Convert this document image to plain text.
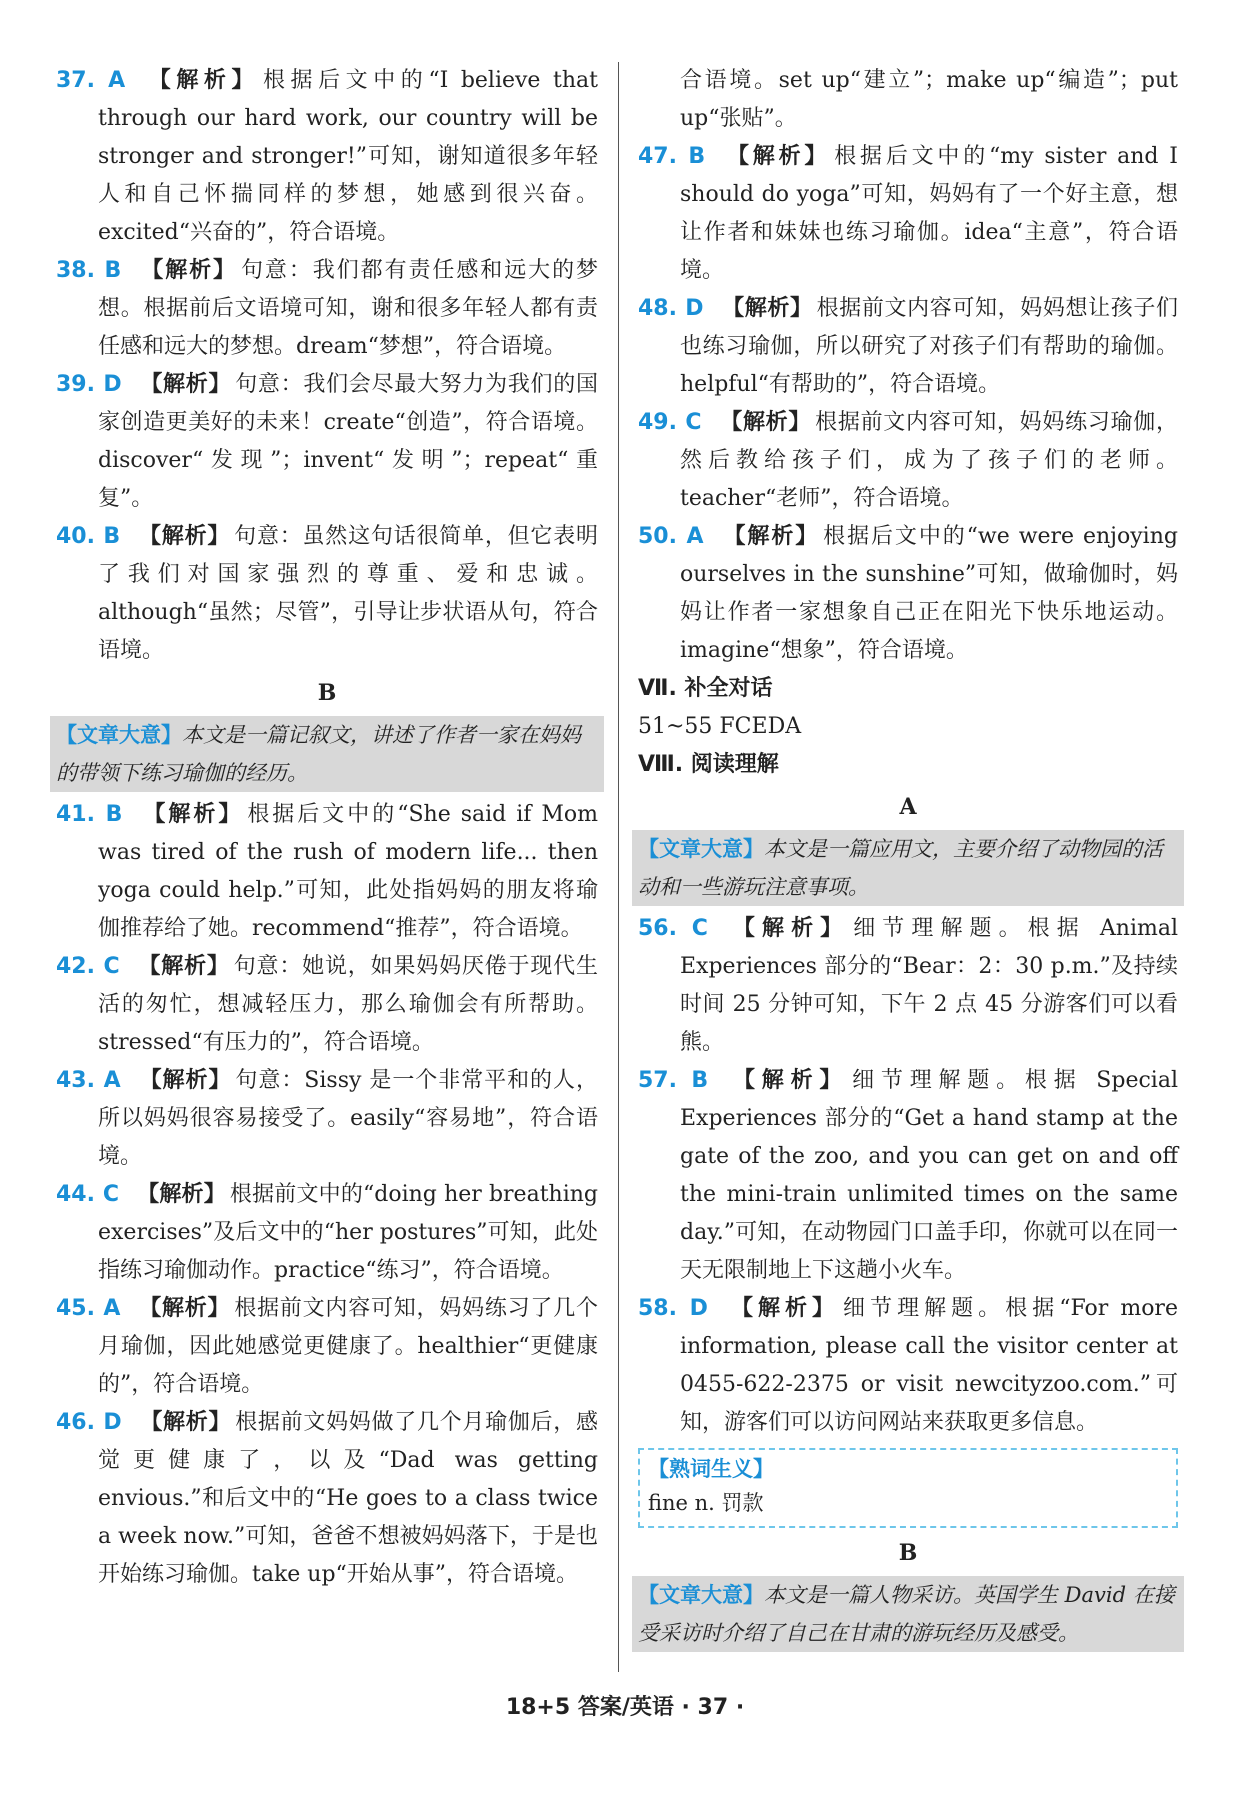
37. A 【解析】 根据后文中的“I believe that through our hard work, our country will be stronger and stronger!”可知，谢知道很多年轻人和自己怀揣同样的梦想，她感到很兴奋。excited“兴奋的”，符合语境。
38. B 【解析】 句意：我们都有责任感和远大的梦想。根据前后文语境可知，谢和很多年轻人都有责任感和远大的梦想。dream“梦想”，符合语境。
39. D 【解析】 句意：我们会尽最大努力为我们的国家创造更美好的未来！create“创造”，符合语境。discover“发现”；invent“发明”；repeat“重复”。
40. B 【解析】 句意：虽然这句话很简单，但它表明了我们对国家强烈的尊重、爱和忠诚。although“虽然；尽管”，引导让步状语从句，符合语境。
B
【文章大意】本文是一篇记叙文，讲述了作者一家在妈妈的带领下练习瑜伽的经历。
41. B 【解析】 根据后文中的“She said if Mom was tired of the rush of modern life... then yoga could help.”可知，此处指妈妈的朋友将瑜伽推荐给了她。recommend“推荐”，符合语境。
42. C 【解析】 句意：她说，如果妈妈厌倦于现代生活的匆忙，想减轻压力，那么瑜伽会有所帮助。stressed“有压力的”，符合语境。
43. A 【解析】 句意：Sissy 是一个非常平和的人，所以妈妈很容易接受了。easily“容易地”，符合语境。
44. C 【解析】 根据前文中的“doing her breathing exercises”及后文中的“her postures”可知，此处指练习瑜伽动作。practice“练习”，符合语境。
45. A 【解析】 根据前文内容可知，妈妈练习了几个月瑜伽，因此她感觉更健康了。healthier“更健康的”，符合语境。
46. D 【解析】 根据前文妈妈做了几个月瑜伽后，感觉更健康了，以及“Dad was getting envious.”和后文中的“He goes to a class twice a week now.”可知，爸爸不想被妈妈落下，于是也开始练习瑜伽。take up“开始从事”，符合语境。
合语境。set up“建立”；make up“编造”；put up“张贴”。
47. B 【解析】 根据后文中的“my sister and I should do yoga”可知，妈妈有了一个好主意，想让作者和妹妹也练习瑜伽。idea“主意”，符合语境。
48. D 【解析】 根据前文内容可知，妈妈想让孩子们也练习瑜伽，所以研究了对孩子们有帮助的瑜伽。helpful“有帮助的”，符合语境。
49. C 【解析】 根据前文内容可知，妈妈练习瑜伽，然后教给孩子们，成为了孩子们的老师。teacher“老师”，符合语境。
50. A 【解析】 根据后文中的“we were enjoying ourselves in the sunshine”可知，做瑜伽时，妈妈让作者一家想象自己正在阳光下快乐地运动。imagine“想象”，符合语境。
Ⅶ. 补全对话
51~55 FCEDA
Ⅷ. 阅读理解
A
【文章大意】本文是一篇应用文，主要介绍了动物园的活动和一些游玩注意事项。
56. C 【解析】 细节理解题。根据 Animal Experiences 部分的“Bear：2：30 p.m.”及持续时间 25 分钟可知，下午 2 点 45 分游客们可以看熊。
57. B 【解析】 细节理解题。根据 Special Experiences 部分的“Get a hand stamp at the gate of the zoo, and you can get on and off the mini-train unlimited times on the same day.”可知，在动物园门口盖手印，你就可以在同一天无限制地上下这趟小火车。
58. D 【解析】 细节理解题。根据“For more information, please call the visitor center at 0455-622-2375 or visit newcityzoo.com.”可知，游客们可以访问网站来获取更多信息。
【熟词生义】
fine n. 罚款
B
【文章大意】本文是一篇人物采访。英国学生 David 在接受采访时介绍了自己在甘肃的游玩经历及感受。
18+5 答案/英语 · 37 ·
